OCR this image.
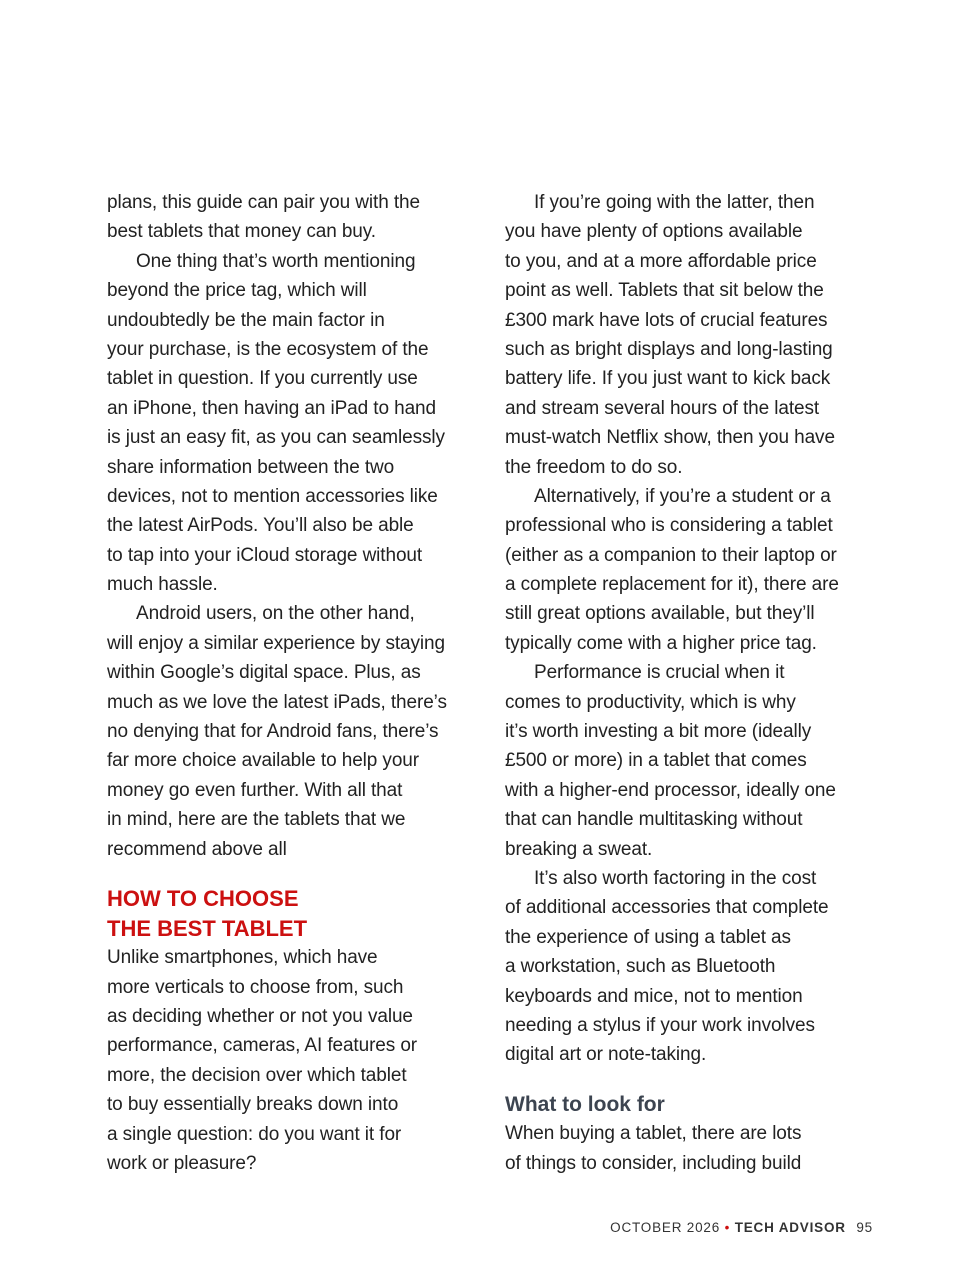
plans, this guide can pair you with the
best tablets that money can buy.
One thing that’s worth mentioning
beyond the price tag, which will
undoubtedly be the main factor in
your purchase, is the ecosystem of the
tablet in question. If you currently use
an iPhone, then having an iPad to hand
is just an easy fit, as you can seamlessly
share information between the two
devices, not to mention accessories like
the latest AirPods. You’ll also be able
to tap into your iCloud storage without
much hassle.
Android users, on the other hand,
will enjoy a similar experience by staying
within Google’s digital space. Plus, as
much as we love the latest iPads, there’s
no denying that for Android fans, there’s
far more choice available to help your
money go even further. With all that
in mind, here are the tablets that we
recommend above all
HOW TO CHOOSE
THE BEST TABLET
Unlike smartphones, which have
more verticals to choose from, such
as deciding whether or not you value
performance, cameras, AI features or
more, the decision over which tablet
to buy essentially breaks down into
a single question: do you want it for
work or pleasure?
If you’re going with the latter, then
you have plenty of options available
to you, and at a more affordable price
point as well. Tablets that sit below the
£300 mark have lots of crucial features
such as bright displays and long-lasting
battery life. If you just want to kick back
and stream several hours of the latest
must-watch Netflix show, then you have
the freedom to do so.
Alternatively, if you’re a student or a
professional who is considering a tablet
(either as a companion to their laptop or
a complete replacement for it), there are
still great options available, but they’ll
typically come with a higher price tag.
Performance is crucial when it
comes to productivity, which is why
it’s worth investing a bit more (ideally
£500 or more) in a tablet that comes
with a higher-end processor, ideally one
that can handle multitasking without
breaking a sweat.
It’s also worth factoring in the cost
of additional accessories that complete
the experience of using a tablet as
a workstation, such as Bluetooth
keyboards and mice, not to mention
needing a stylus if your work involves
digital art or note-taking.
What to look for
When buying a tablet, there are lots
of things to consider, including build
OCTOBER 2026 • TECH ADVISOR 95
